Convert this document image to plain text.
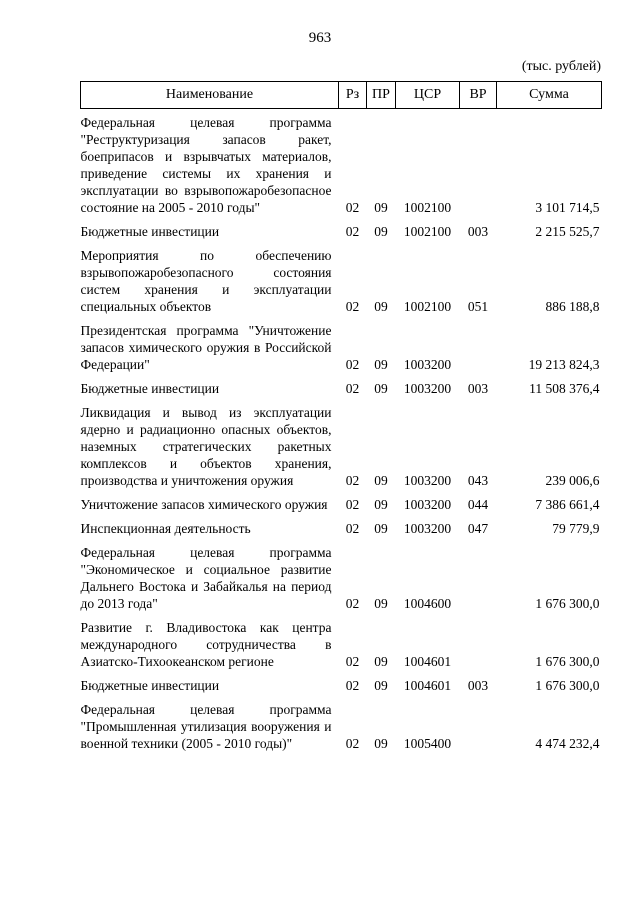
963
(тыс. рублей)
Наименование	Рз	ПР	ЦСР	ВР	Сумма
Федеральная целевая программа "Реструктуризация запасов ракет, боеприпасов и взрывчатых материалов, приведение системы их хранения и эксплуатации во взрывопожаробезопасное состояние на 2005 - 2010 годы"	02	09	1002100		3 101 714,5
Бюджетные инвестиции	02	09	1002100	003	2 215 525,7
Мероприятия по обеспечению взрывопожаробезопасного состояния систем хранения и эксплуатации специальных объектов	02	09	1002100	051	886 188,8
Президентская программа "Уничтожение запасов химического оружия в Российской Федерации"	02	09	1003200		19 213 824,3
Бюджетные инвестиции	02	09	1003200	003	11 508 376,4
Ликвидация и вывод из эксплуатации ядерно и радиационно опасных объектов, наземных стратегических ракетных комплексов и объектов хранения, производства и уничтожения оружия	02	09	1003200	043	239 006,6
Уничтожение запасов химического оружия	02	09	1003200	044	7 386 661,4
Инспекционная деятельность	02	09	1003200	047	79 779,9
Федеральная целевая программа "Экономическое и социальное развитие Дальнего Востока и Забайкалья на период до 2013 года"	02	09	1004600		1 676 300,0
Развитие г. Владивостока как центра международного сотрудничества в Азиатско-Тихоокеанском регионе	02	09	1004601		1 676 300,0
Бюджетные инвестиции	02	09	1004601	003	1 676 300,0
Федеральная целевая программа "Промышленная утилизация вооружения и военной техники (2005 - 2010 годы)"	02	09	1005400		4 474 232,4
